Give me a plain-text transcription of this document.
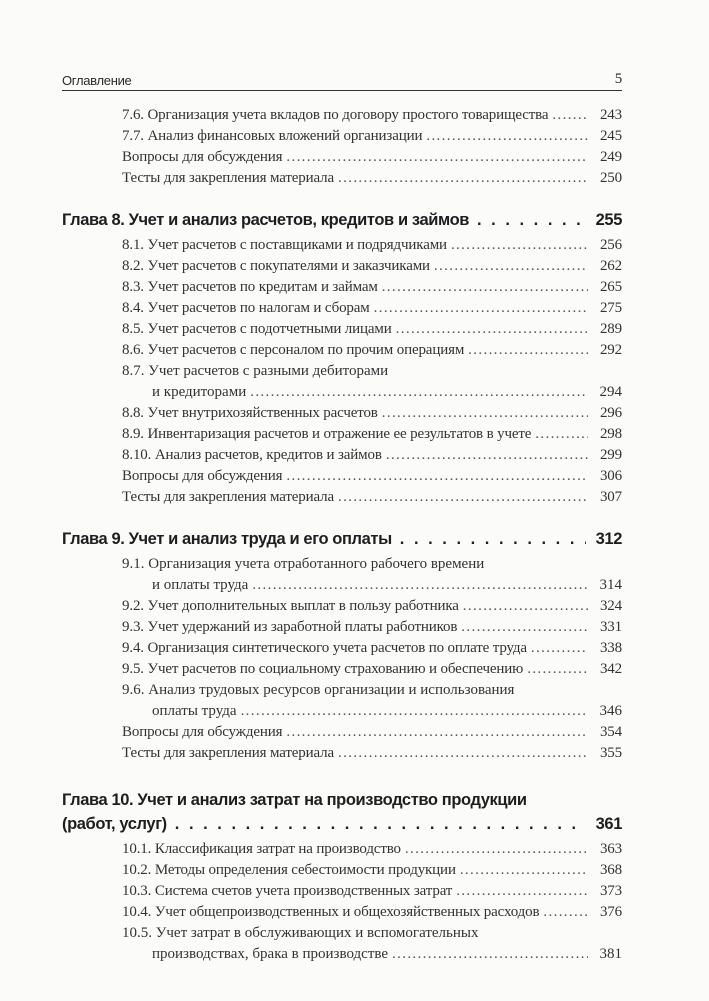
Оглавление	5
7.6. Организация учета вкладов по договору простого товарищества . . .	243
7.7. Анализ финансовых вложений организации . . .	245
Вопросы для обсуждения . . .	249
Тесты для закрепления материала . . .	250
Глава 8. Учет и анализ расчетов, кредитов и займов . . .	255
8.1. Учет расчетов с поставщиками и подрядчиками . . .	256
8.2. Учет расчетов с покупателями и заказчиками . . .	262
8.3. Учет расчетов по кредитам и займам . . .	265
8.4. Учет расчетов по налогам и сборам . . .	275
8.5. Учет расчетов с подотчетными лицами . . .	289
8.6. Учет расчетов с персоналом по прочим операциям . . .	292
8.7. Учет расчетов с разными дебиторами
и кредиторами . . .	294
8.8. Учет внутрихозяйственных расчетов . . .	296
8.9. Инвентаризация расчетов и отражение ее результатов в учете . . .	298
8.10. Анализ расчетов, кредитов и займов . . .	299
Вопросы для обсуждения . . .	306
Тесты для закрепления материала . . .	307
Глава 9. Учет и анализ труда и его оплаты . . .	312
9.1. Организация учета отработанного рабочего времени
и оплаты труда . . .	314
9.2. Учет дополнительных выплат в пользу работника . . .	324
9.3. Учет удержаний из заработной платы работников . . .	331
9.4. Организация синтетического учета расчетов по оплате труда . . .	338
9.5. Учет расчетов по социальному страхованию и обеспечению . . .	342
9.6. Анализ трудовых ресурсов организации и использования
оплаты труда . . .	346
Вопросы для обсуждения . . .	354
Тесты для закрепления материала . . .	355
Глава 10. Учет и анализ затрат на производство продукции
(работ, услуг) . . .	361
10.1. Классификация затрат на производство . . .	363
10.2. Методы определения себестоимости продукции . . .	368
10.3. Система счетов учета производственных затрат . . .	373
10.4. Учет общепроизводственных и общехозяйственных расходов . . .	376
10.5. Учет затрат в обслуживающих и вспомогательных
производствах, брака в производстве . . .	381
